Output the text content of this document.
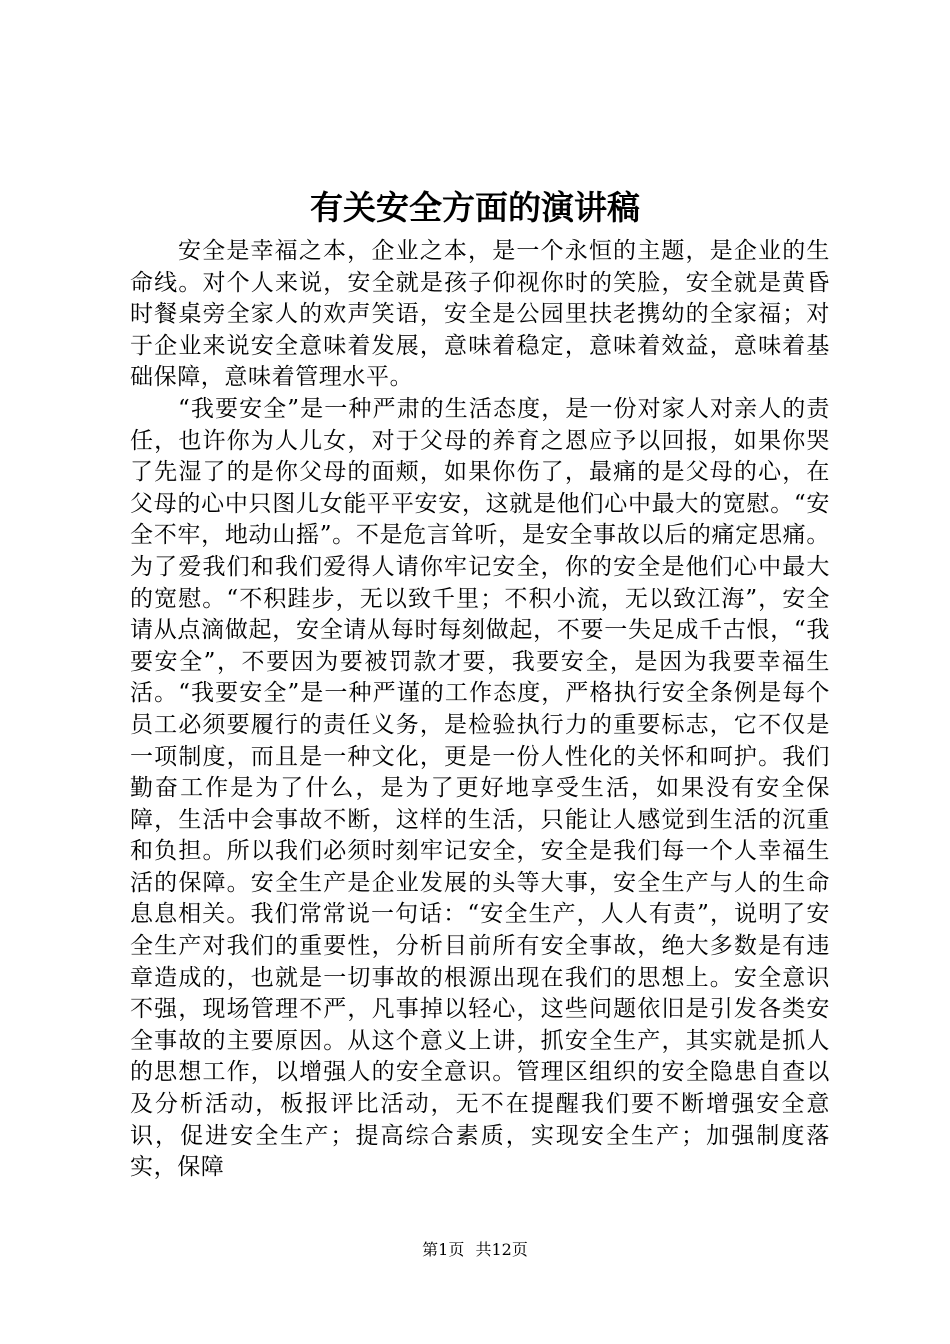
有关安全方面的演讲稿

安全是幸福之本，企业之本，是一个永恒的主题，是企业的生命线。对个人来说，安全就是孩子仰视你时的笑脸，安全就是黄昏时餐桌旁全家人的欢声笑语，安全是公园里扶老携幼的全家福；对于企业来说安全意味着发展，意味着稳定，意味着效益，意味着基础保障，意味着管理水平。

“我要安全”是一种严肃的生活态度，是一份对家人对亲人的责任，也许你为人儿女，对于父母的养育之恩应予以回报，如果你哭了先湿了的是你父母的面颊，如果你伤了，最痛的是父母的心，在父母的心中只图儿女能平平安安，这就是他们心中最大的宽慰。“安全不牢，地动山摇”。不是危言耸听，是安全事故以后的痛定思痛。为了爱我们和我们爱得人请你牢记安全，你的安全是他们心中最大的宽慰。“不积跬步，无以致千里；不积小流，无以致江海”，安全请从点滴做起，安全请从每时每刻做起，不要一失足成千古恨，“我要安全”，不要因为要被罚款才要，我要安全，是因为我要幸福生活。“我要安全”是一种严谨的工作态度，严格执行安全条例是每个员工必须要履行的责任义务，是检验执行力的重要标志，它不仅是一项制度，而且是一种文化，更是一份人性化的关怀和呵护。我们勤奋工作是为了什么，是为了更好地享受生活，如果没有安全保障，生活中会事故不断，这样的生活，只能让人感觉到生活的沉重和负担。所以我们必须时刻牢记安全，安全是我们每一个人幸福生活的保障。安全生产是企业发展的头等大事，安全生产与人的生命息息相关。我们常常说一句话：“安全生产，人人有责”，说明了安全生产对我们的重要性，分析目前所有安全事故，绝大多数是有违章造成的，也就是一切事故的根源出现在我们的思想上。安全意识不强，现场管理不严，凡事掉以轻心，这些问题依旧是引发各类安全事故的主要原因。从这个意义上讲，抓安全生产，其实就是抓人的思想工作，以增强人的安全意识。管理区组织的安全隐患自查以及分析活动，板报评比活动，无不在提醒我们要不断增强安全意识，促进安全生产；提高综合素质，实现安全生产；加强制度落实，保障

第1页 共12页
